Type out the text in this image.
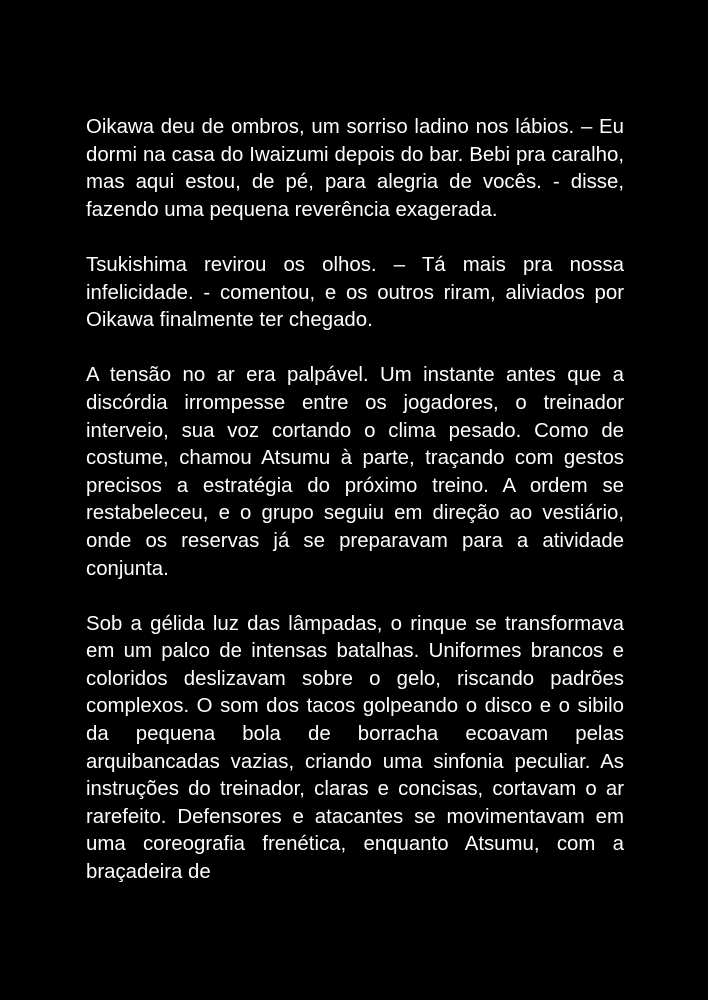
Oikawa deu de ombros, um sorriso ladino nos lábios. – Eu dormi na casa do Iwaizumi depois do bar. Bebi pra caralho, mas aqui estou, de pé, para alegria de vocês. - disse, fazendo uma pequena reverência exagerada.

Tsukishima revirou os olhos. – Tá mais pra nossa infelicidade. - comentou, e os outros riram, aliviados por Oikawa finalmente ter chegado.

A tensão no ar era palpável. Um instante antes que a discórdia irrompesse entre os jogadores, o treinador interveio, sua voz cortando o clima pesado. Como de costume, chamou Atsumu à parte, traçando com gestos precisos a estratégia do próximo treino. A ordem se restabeleceu, e o grupo seguiu em direção ao vestiário, onde os reservas já se preparavam para a atividade conjunta.

Sob a gélida luz das lâmpadas, o rinque se transformava em um palco de intensas batalhas. Uniformes brancos e coloridos deslizavam sobre o gelo, riscando padrões complexos. O som dos tacos golpeando o disco e o sibilo da pequena bola de borracha ecoavam pelas arquibancadas vazias, criando uma sinfonia peculiar. As instruções do treinador, claras e concisas, cortavam o ar rarefeito. Defensores e atacantes se movimentavam em uma coreografia frenética, enquanto Atsumu, com a braçadeira de
